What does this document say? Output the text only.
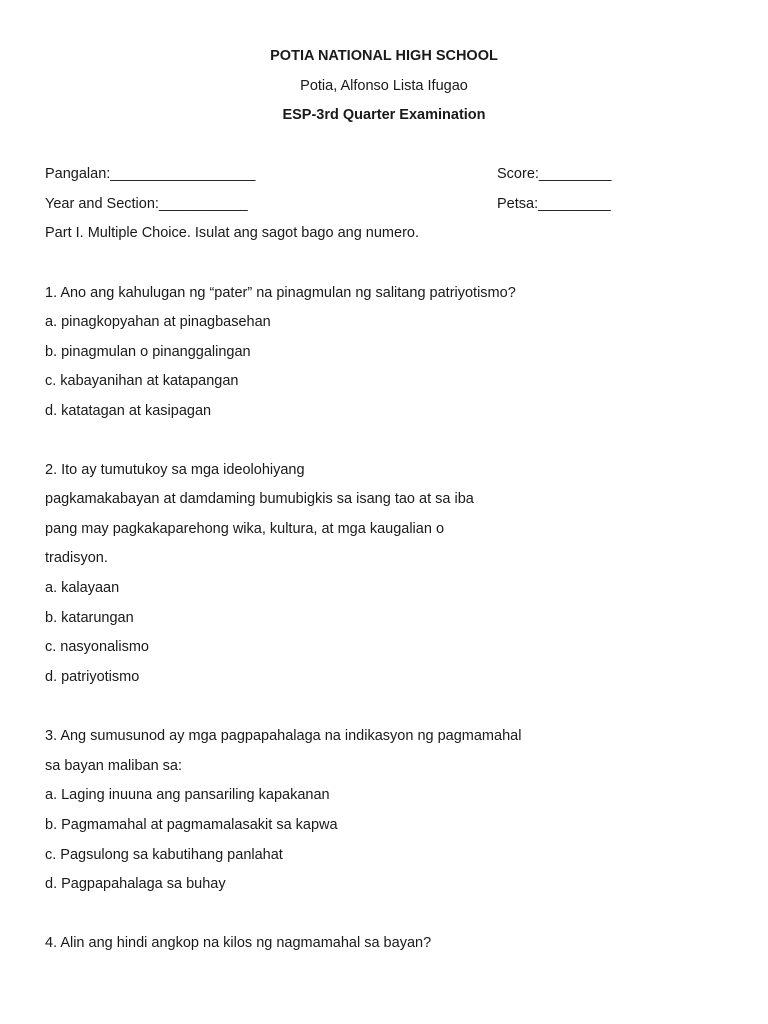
POTIA NATIONAL HIGH SCHOOL
Potia, Alfonso Lista Ifugao
ESP-3rd Quarter Examination
Pangalan:__________________	Score:_________
Year and Section:___________	Petsa:_________
Part I. Multiple Choice. Isulat ang sagot bago ang numero.
1. Ano ang kahulugan ng “pater” na pinagmulan ng salitang patriyotismo?
a. pinagkopyahan at pinagbasehan
b. pinagmulan o pinanggalingan
c. kabayanihan at katapangan
d. katatagan at kasipagan
2. Ito ay tumutukoy sa mga ideolohiyang
pagkamakabayan at damdaming bumubigkis sa isang tao at sa iba
pang may pagkakaparehong wika, kultura, at mga kaugalian o
tradisyon.
a. kalayaan
b. katarungan
c. nasyonalismo
d. patriyotismo
3. Ang sumusunod ay mga pagpapahalaga na indikasyon ng pagmamahal
sa bayan maliban sa:
a. Laging inuuna ang pansariling kapakanan
b. Pagmamahal at pagmamalasakit sa kapwa
c. Pagsulong sa kabutihang panlahat
d. Pagpapahalaga sa buhay
4. Alin ang hindi angkop na kilos ng nagmamahal sa bayan?
